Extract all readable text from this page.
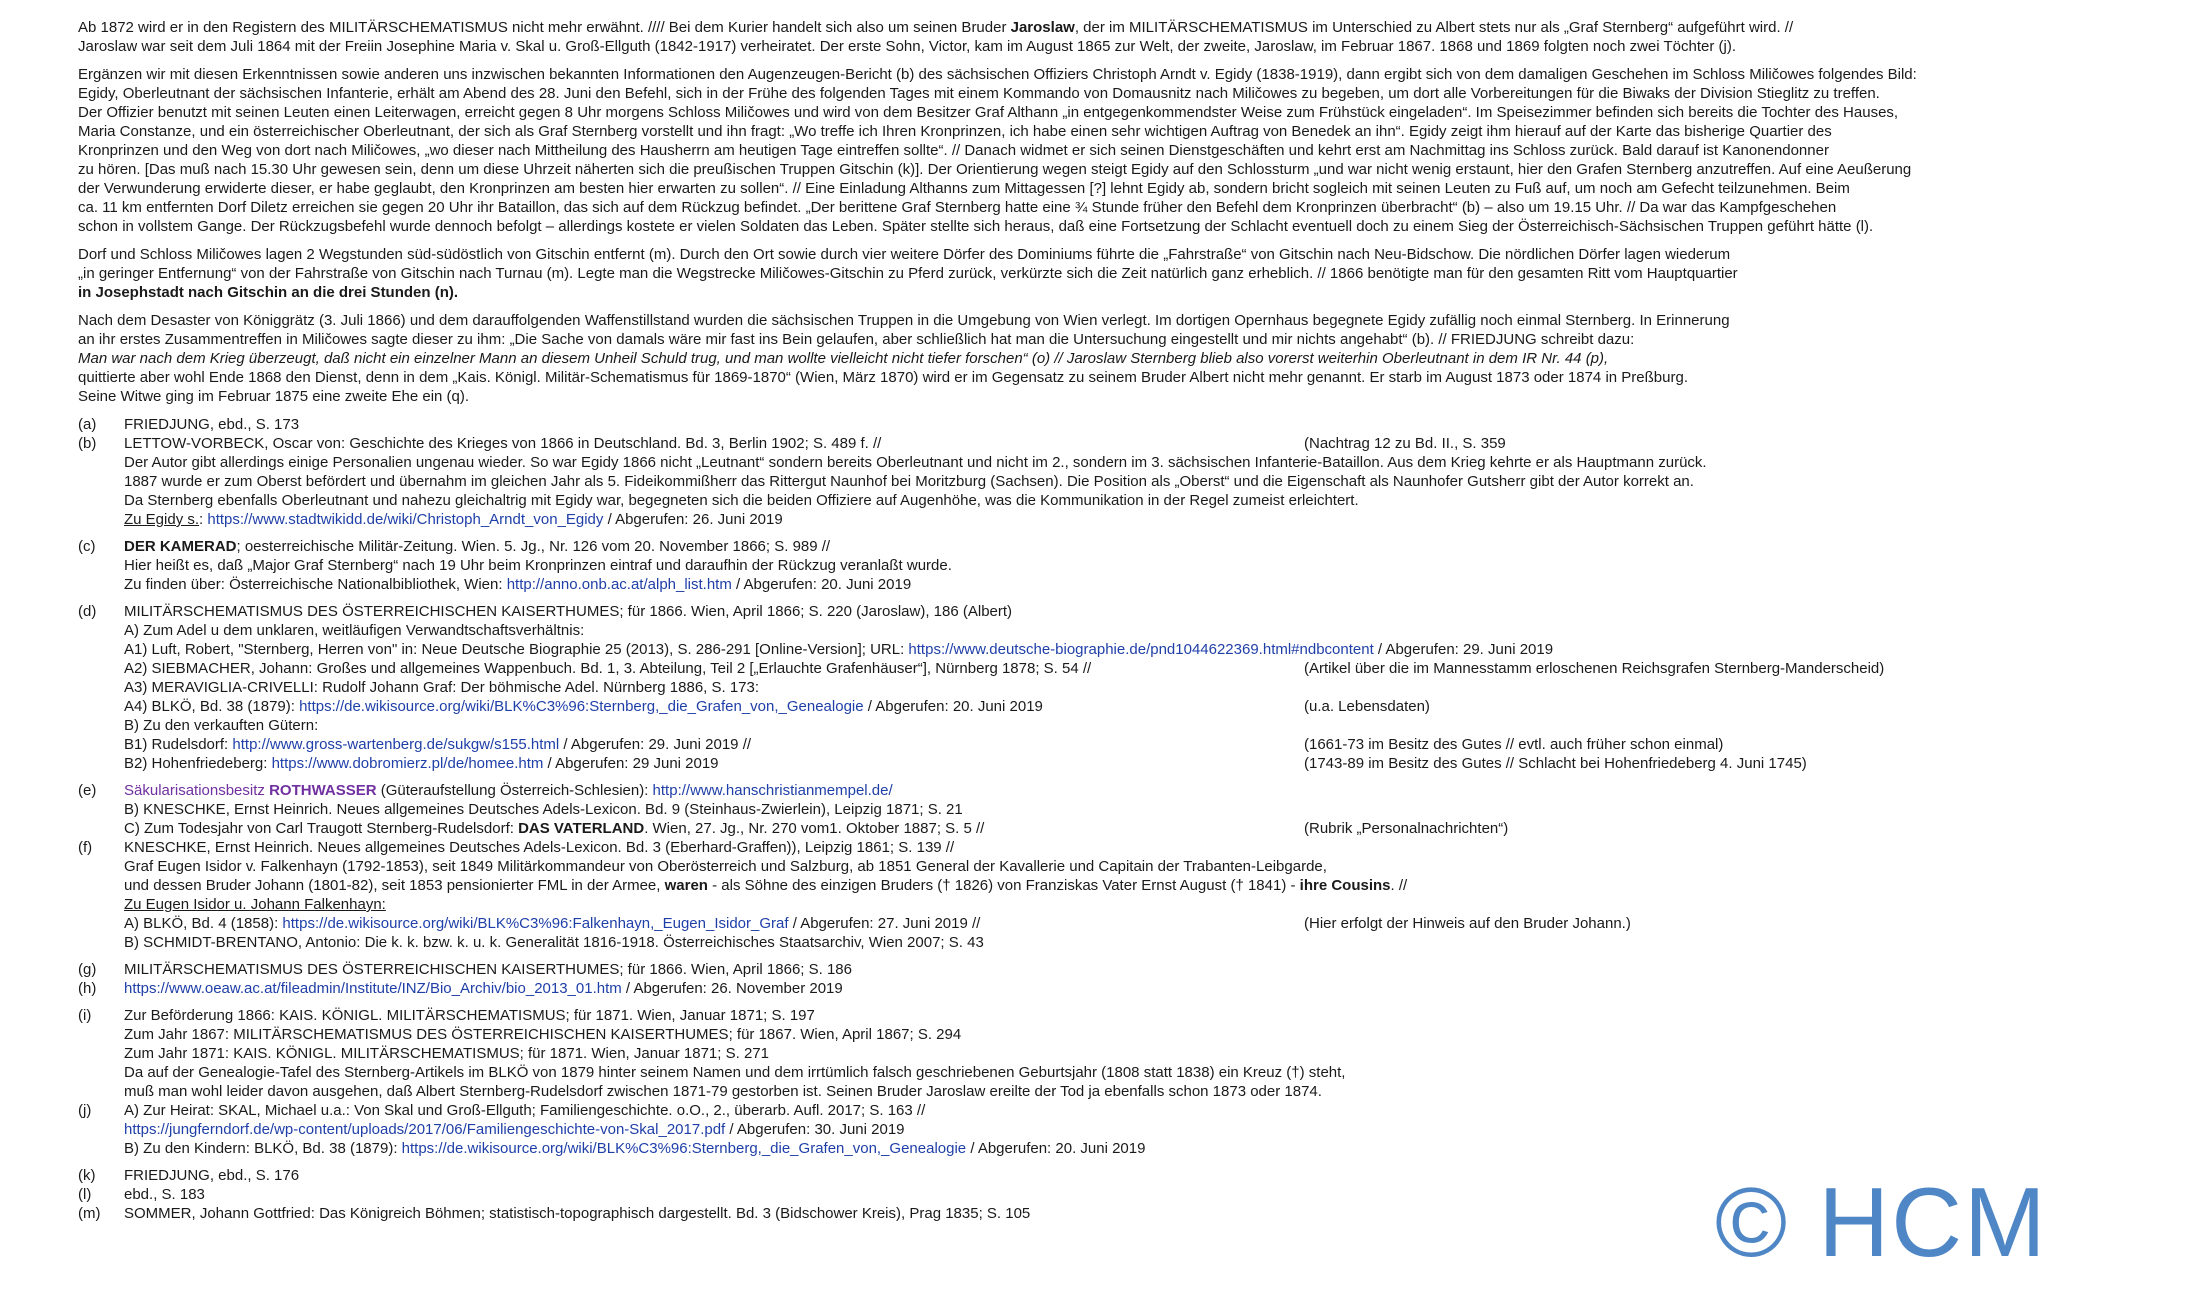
Ab 1872 wird er in den Registern des MILITÄRSCHEMATISMUS nicht mehr erwähnt. //// Bei dem Kurier handelt sich also um seinen Bruder Jaroslaw, der im MILITÄRSCHEMATISMUS im Unterschied zu Albert stets nur als „Graf Sternberg“ aufgeführt wird. //
Jaroslaw war seit dem Juli 1864 mit der Freiin Josephine Maria v. Skal u. Groß-Ellguth (1842-1917) verheiratet. Der erste Sohn, Victor, kam im August 1865 zur Welt, der zweite, Jaroslaw, im Februar 1867. 1868 und 1869 folgten noch zwei Töchter (j).

Ergänzen wir mit diesen Erkenntnissen sowie anderen uns inzwischen bekannten Informationen den Augenzeugen-Bericht (b) des sächsischen Offiziers Christoph Arndt v. Egidy (1838-1919), dann ergibt sich von dem damaligen Geschehen im Schloss Miličowes folgendes Bild:
Egidy, Oberleutnant der sächsischen Infanterie, erhält am Abend des 28. Juni den Befehl, sich in der Frühe des folgenden Tages mit einem Kommando von Domausnitz nach Miličowes zu begeben, um dort alle Vorbereitungen für die Biwaks der Division Stieglitz zu treffen.
Der Offizier benutzt mit seinen Leuten einen Leiterwagen, erreicht gegen 8 Uhr morgens Schloss Miličowes und wird von dem Besitzer Graf Althann „in entgegenkommendster Weise zum Frühstück eingeladen“. Im Speisezimmer befinden sich bereits die Tochter des Hauses,
Maria Constanze, und ein österreichischer Oberleutnant, der sich als Graf Sternberg vorstellt und ihn fragt: „Wo treffe ich Ihren Kronprinzen, ich habe einen sehr wichtigen Auftrag von Benedek an ihn“. Egidy zeigt ihm hierauf auf der Karte das bisherige Quartier des
Kronprinzen und den Weg von dort nach Miličowes, „wo dieser nach Mittheilung des Hausherrn am heutigen Tage eintreffen sollte“. // Danach widmet er sich seinen Dienstgeschäften und kehrt erst am Nachmittag ins Schloss zurück. Bald darauf ist Kanonendonner
zu hören. [Das muß nach 15.30 Uhr gewesen sein, denn um diese Uhrzeit näherten sich die preußischen Truppen Gitschin (k)]. Der Orientierung wegen steigt Egidy auf den Schlossturm „und war nicht wenig erstaunt, hier den Grafen Sternberg anzutreffen. Auf eine Aeußerung
der Verwunderung erwiderte dieser, er habe geglaubt, den Kronprinzen am besten hier erwarten zu sollen“. // Eine Einladung Althanns zum Mittagessen [?] lehnt Egidy ab, sondern bricht sogleich mit seinen Leuten zu Fuß auf, um noch am Gefecht teilzunehmen. Beim
ca. 11 km entfernten Dorf Diletz erreichen sie gegen 20 Uhr ihr Bataillon, das sich auf dem Rückzug befindet. „Der berittene Graf Sternberg hatte eine ¾ Stunde früher den Befehl dem Kronprinzen überbracht“ (b) – also um 19.15 Uhr. // Da war das Kampfgeschehen
schon in vollstem Gange. Der Rückzugsbefehl wurde dennoch befolgt – allerdings kostete er vielen Soldaten das Leben. Später stellte sich heraus, daß eine Fortsetzung der Schlacht eventuell doch zu einem Sieg der Österreichisch-Sächsischen Truppen geführt hätte (l).

Dorf und Schloss Miličowes lagen 2 Wegstunden süd-südöstlich von Gitschin entfernt (m). Durch den Ort sowie durch vier weitere Dörfer des Dominiums führte die „Fahrstraße“ von Gitschin nach Neu-Bidschow. Die nördlichen Dörfer lagen wiederum
„in geringer Entfernung“ von der Fahrstraße von Gitschin nach Turnau (m). Legte man die Wegstrecke Miličowes-Gitschin zu Pferd zurück, verkürzte sich die Zeit natürlich ganz erheblich. // 1866 benötigte man für den gesamten Ritt vom Hauptquartier
in Josephstadt nach Gitschin an die drei Stunden (n).

Nach dem Desaster von Königgrätz (3. Juli 1866) und dem darauffolgenden Waffenstillstand wurden die sächsischen Truppen in die Umgebung von Wien verlegt. Im dortigen Opernhaus begegnete Egidy zufällig noch einmal Sternberg. In Erinnerung
an ihr erstes Zusammentreffen in Miličowes sagte dieser zu ihm: „Die Sache von damals wäre mir fast ins Bein gelaufen, aber schließlich hat man die Untersuchung eingestellt und mir nichts angehabt“ (b). // FRIEDJUNG schreibt dazu:
Man war nach dem Krieg überzeugt, daß nicht ein einzelner Mann an diesem Unheil Schuld trug, und man wollte vielleicht nicht tiefer forschen“ (o) // Jaroslaw Sternberg blieb also vorerst weiterhin Oberleutnant in dem IR Nr. 44 (p),
quittierte aber wohl Ende 1868 den Dienst, denn in dem „Kais. Königl. Militär-Schematismus für 1869-1870“ (Wien, März 1870) wird er im Gegensatz zu seinem Bruder Albert nicht mehr genannt. Er starb im August 1873 oder 1874 in Preßburg.
Seine Witwe ging im Februar 1875 eine zweite Ehe ein (q).

(a)	FRIEDJUNG, ebd., S. 173
(b)	LETTOW-VORBECK, Oscar von: Geschichte des Krieges von 1866 in Deutschland. Bd. 3, Berlin 1902; S. 489 f. //	(Nachtrag 12 zu Bd. II., S. 359
Der Autor gibt allerdings einige Personalien ungenau wieder. So war Egidy 1866 nicht „Leutnant“ sondern bereits Oberleutnant und nicht im 2., sondern im 3. sächsischen Infanterie-Bataillon. Aus dem Krieg kehrte er als Hauptmann zurück.
1887 wurde er zum Oberst befördert und übernahm im gleichen Jahr als 5. Fideikommißherr das Rittergut Naunhof bei Moritzburg (Sachsen). Die Position als „Oberst“ und die Eigenschaft als Naunhofer Gutsherr gibt der Autor korrekt an.
Da Sternberg ebenfalls Oberleutnant und nahezu gleichaltrig mit Egidy war, begegneten sich die beiden Offiziere auf Augenhöhe, was die Kommunikation in der Regel zumeist erleichtert.
Zu Egidy s.: https://www.stadtwikidd.de/wiki/Christoph_Arndt_von_Egidy / Abgerufen: 26. Juni 2019
(c)	DER KAMERAD; oesterreichische Militär-Zeitung. Wien. 5. Jg., Nr. 126 vom 20. November 1866; S. 989 //
Hier heißt es, daß „Major Graf Sternberg“ nach 19 Uhr beim Kronprinzen eintraf und daraufhin der Rückzug veranlaßt wurde.
Zu finden über: Österreichische Nationalbibliothek, Wien: http://anno.onb.ac.at/alph_list.htm / Abgerufen: 20. Juni 2019
(d)	MILITÄRSCHEMATISMUS DES ÖSTERREICHISCHEN KAISERTHUMES; für 1866. Wien, April 1866; S. 220 (Jaroslaw), 186 (Albert)
A) Zum Adel u dem unklaren, weitläufigen Verwandtschaftsverhältnis:
A1) Luft, Robert, "Sternberg, Herren von" in: Neue Deutsche Biographie 25 (2013), S. 286-291 [Online-Version]; URL: https://www.deutsche-biographie.de/pnd1044622369.html#ndbcontent / Abgerufen: 29. Juni 2019
A2) SIEBMACHER, Johann: Großes und allgemeines Wappenbuch. Bd. 1, 3. Abteilung, Teil 2 [„Erlauchte Grafenhäuser“], Nürnberg 1878; S. 54 //	(Artikel über die im Mannesstamm erloschenen Reichsgrafen Sternberg-Manderscheid)
A3) MERAVIGLIA-CRIVELLI: Rudolf Johann Graf: Der böhmische Adel. Nürnberg 1886, S. 173:
A4) BLKÖ, Bd. 38 (1879): https://de.wikisource.org/wiki/BLK%C3%96:Sternberg,_die_Grafen_von,_Genealogie / Abgerufen: 20. Juni 2019	(u.a. Lebensdaten)
B) Zu den verkauften Gütern:
B1) Rudelsdorf: http://www.gross-wartenberg.de/sukgw/s155.html / Abgerufen: 29. Juni 2019 //	(1661-73 im Besitz des Gutes // evtl. auch früher schon einmal)
B2) Hohenfriedeberg: https://www.dobromierz.pl/de/homee.htm / Abgerufen: 29 Juni 2019	(1743-89 im Besitz des Gutes // Schlacht bei Hohenfriedeberg 4. Juni 1745)
(e)	Säkularisationsbesitz ROTHWASSER (Güteraufstellung Österreich-Schlesien): http://www.hanschristianmempel.de/
B) KNESCHKE, Ernst Heinrich. Neues allgemeines Deutsches Adels-Lexicon. Bd. 9 (Steinhaus-Zwierlein), Leipzig 1871; S. 21
C) Zum Todesjahr von Carl Traugott Sternberg-Rudelsdorf: DAS VATERLAND. Wien, 27. Jg., Nr. 270 vom1. Oktober 1887; S. 5 //	(Rubrik „Personalnachrichten“)
(f)	KNESCHKE, Ernst Heinrich. Neues allgemeines Deutsches Adels-Lexicon. Bd. 3 (Eberhard-Graffen)), Leipzig 1861; S. 139 //
Graf Eugen Isidor v. Falkenhayn (1792-1853), seit 1849 Militärkommandeur von Oberösterreich und Salzburg, ab 1851 General der Kavallerie und Capitain der Trabanten-Leibgarde,
und dessen Bruder Johann (1801-82), seit 1853 pensionierter FML in der Armee, waren - als Söhne des einzigen Bruders († 1826) von Franziskas Vater Ernst August († 1841) - ihre Cousins. //
Zu Eugen Isidor u. Johann Falkenhayn:
A) BLKÖ, Bd. 4 (1858): https://de.wikisource.org/wiki/BLK%C3%96:Falkenhayn,_Eugen_Isidor_Graf / Abgerufen: 27. Juni 2019 //	(Hier erfolgt der Hinweis auf den Bruder Johann.)
B) SCHMIDT-BRENTANO, Antonio: Die k. k. bzw. k. u. k. Generalität 1816-1918. Österreichisches Staatsarchiv, Wien 2007; S. 43
(g)	MILITÄRSCHEMATISMUS DES ÖSTERREICHISCHEN KAISERTHUMES; für 1866. Wien, April 1866; S. 186
(h)	https://www.oeaw.ac.at/fileadmin/Institute/INZ/Bio_Archiv/bio_2013_01.htm / Abgerufen: 26. November 2019
(i)	Zur Beförderung 1866: KAIS. KÖNIGL. MILITÄRSCHEMATISMUS; für 1871. Wien, Januar 1871; S. 197
Zum Jahr 1867: MILITÄRSCHEMATISMUS DES ÖSTERREICHISCHEN KAISERTHUMES; für 1867. Wien, April 1867; S. 294
Zum Jahr 1871: KAIS. KÖNIGL. MILITÄRSCHEMATISMUS; für 1871. Wien, Januar 1871; S. 271
Da auf der Genealogie-Tafel des Sternberg-Artikels im BLKÖ von 1879 hinter seinem Namen und dem irrtümlich falsch geschriebenen Geburtsjahr (1808 statt 1838) ein Kreuz (†) steht,
muß man wohl leider davon ausgehen, daß Albert Sternberg-Rudelsdorf zwischen 1871-79 gestorben ist. Seinen Bruder Jaroslaw ereilte der Tod ja ebenfalls schon 1873 oder 1874.
(j)	A) Zur Heirat: SKAL, Michael u.a.: Von Skal und Groß-Ellguth; Familiengeschichte. o.O., 2., überarb. Aufl. 2017; S. 163 //
https://jungferndorf.de/wp-content/uploads/2017/06/Familiengeschichte-von-Skal_2017.pdf / Abgerufen: 30. Juni 2019
B) Zu den Kindern: BLKÖ, Bd. 38 (1879): https://de.wikisource.org/wiki/BLK%C3%96:Sternberg,_die_Grafen_von,_Genealogie / Abgerufen: 20. Juni 2019
(k)	FRIEDJUNG, ebd., S. 176
(l)	ebd., S. 183
(m)	SOMMER, Johann Gottfried: Das Königreich Böhmen; statistisch-topographisch dargestellt. Bd. 3 (Bidschower Kreis), Prag 1835; S. 105	© HCM
